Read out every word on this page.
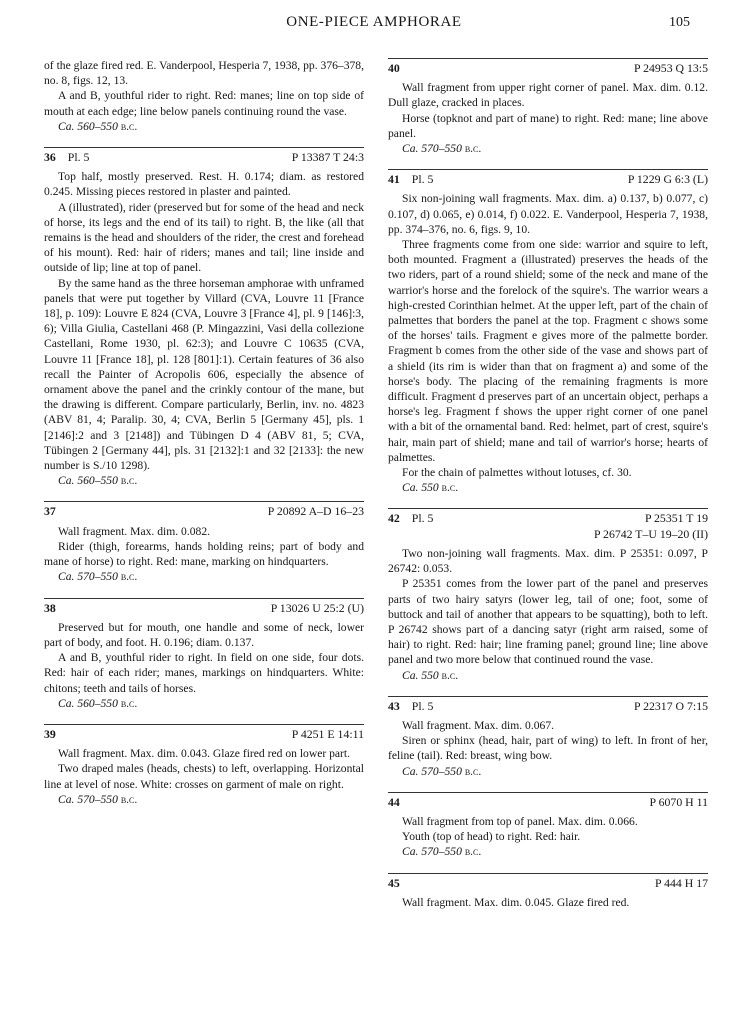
ONE-PIECE AMPHORAE	105

of the glaze fired red. E. Vanderpool, Hesperia 7, 1938, pp. 376–378, no. 8, figs. 12, 13.

A and B, youthful rider to right. Red: manes; line on top side of mouth at each edge; line below panels continuing round the vase.

Ca. 560–550 b.c.

36 Pl. 5	P 13387 T 24:3

Top half, mostly preserved. Rest. H. 0.174; diam. as restored 0.245. Missing pieces restored in plaster and painted.

A (illustrated), rider (preserved but for some of the head and neck of horse, its legs and the end of its tail) to right. B, the like (all that remains is the head and shoulders of the rider, the crest and forehead of his mount). Red: hair of riders; manes and tail; line inside and outside of lip; line at top of panel.

By the same hand as the three horseman amphorae with unframed panels that were put together by Villard (CVA, Louvre 11 [France 18], p. 109): Louvre E 824 (CVA, Louvre 3 [France 4], pl. 9 [146]:3, 6); Villa Giulia, Castellani 468 (P. Mingazzini, Vasi della collezione Castellani, Rome 1930, pl. 62:3); and Louvre C 10635 (CVA, Louvre 11 [France 18], pl. 128 [801]:1). Certain features of 36 also recall the Painter of Acropolis 606, especially the absence of ornament above the panel and the crinkly contour of the mane, but the drawing is different. Compare particularly, Berlin, inv. no. 4823 (ABV 81, 4; Paralip. 30, 4; CVA, Berlin 5 [Germany 45], pls. 1 [2146]:2 and 3 [2148]) and Tübingen D 4 (ABV 81, 5; CVA, Tübingen 2 [Germany 44], pls. 31 [2132]:1 and 32 [2133]: the new number is S./10 1298).

Ca. 560–550 b.c.

37	P 20892 A–D 16–23

Wall fragment. Max. dim. 0.082.

Rider (thigh, forearms, hands holding reins; part of body and mane of horse) to right. Red: mane, marking on hindquarters.

Ca. 570–550 b.c.

38	P 13026 U 25:2 (U)

Preserved but for mouth, one handle and some of neck, lower part of body, and foot. H. 0.196; diam. 0.137.

A and B, youthful rider to right. In field on one side, four dots. Red: hair of each rider; manes, markings on hindquarters. White: chitons; teeth and tails of horses.

Ca. 560–550 b.c.

39	P 4251 E 14:11

Wall fragment. Max. dim. 0.043. Glaze fired red on lower part.

Two draped males (heads, chests) to left, overlapping. Horizontal line at level of nose. White: crosses on garment of male on right.

Ca. 570–550 b.c.

40	P 24953 Q 13:5

Wall fragment from upper right corner of panel. Max. dim. 0.12. Dull glaze, cracked in places.

Horse (topknot and part of mane) to right. Red: mane; line above panel.

Ca. 570–550 b.c.

41 Pl. 5	P 1229 G 6:3 (L)

Six non-joining wall fragments. Max. dim. a) 0.137, b) 0.077, c) 0.107, d) 0.065, e) 0.014, f) 0.022. E. Vanderpool, Hesperia 7, 1938, pp. 374–376, no. 6, figs. 9, 10.

Three fragments come from one side: warrior and squire to left, both mounted. Fragment a (illustrated) preserves the heads of the two riders, part of a round shield; some of the neck and mane of the warrior's horse and the forelock of the squire's. The warrior wears a high-crested Corinthian helmet. At the upper left, part of the chain of palmettes that borders the panel at the top. Fragment c shows some of the horses' tails. Fragment e gives more of the palmette border. Fragment b comes from the other side of the vase and shows part of a shield (its rim is wider than that on fragment a) and some of the horse's body. The placing of the remaining fragments is more difficult. Fragment d preserves part of an uncertain object, perhaps a horse's leg. Fragment f shows the upper right corner of one panel with a bit of the ornamental band. Red: helmet, part of crest, squire's hair, main part of shield; mane and tail of warrior's horse; hearts of palmettes.

For the chain of palmettes without lotuses, cf. 30.

Ca. 550 b.c.

42 Pl. 5	P 25351 T 19
P 26742 T–U 19–20 (II)

Two non-joining wall fragments. Max. dim. P 25351: 0.097, P 26742: 0.053.

P 25351 comes from the lower part of the panel and preserves parts of two hairy satyrs (lower leg, tail of one; foot, some of buttock and tail of another that appears to be squatting), both to left. P 26742 shows part of a dancing satyr (right arm raised, some of hair) to right. Red: hair; line framing panel; ground line; line above panel and two more below that continued round the vase.

Ca. 550 b.c.

43 Pl. 5	P 22317 O 7:15

Wall fragment. Max. dim. 0.067.

Siren or sphinx (head, hair, part of wing) to left. In front of her, feline (tail). Red: breast, wing bow.

Ca. 570–550 b.c.

44	P 6070 H 11

Wall fragment from top of panel. Max. dim. 0.066.

Youth (top of head) to right. Red: hair.

Ca. 570–550 b.c.

45	P 444 H 17

Wall fragment. Max. dim. 0.045. Glaze fired red.
